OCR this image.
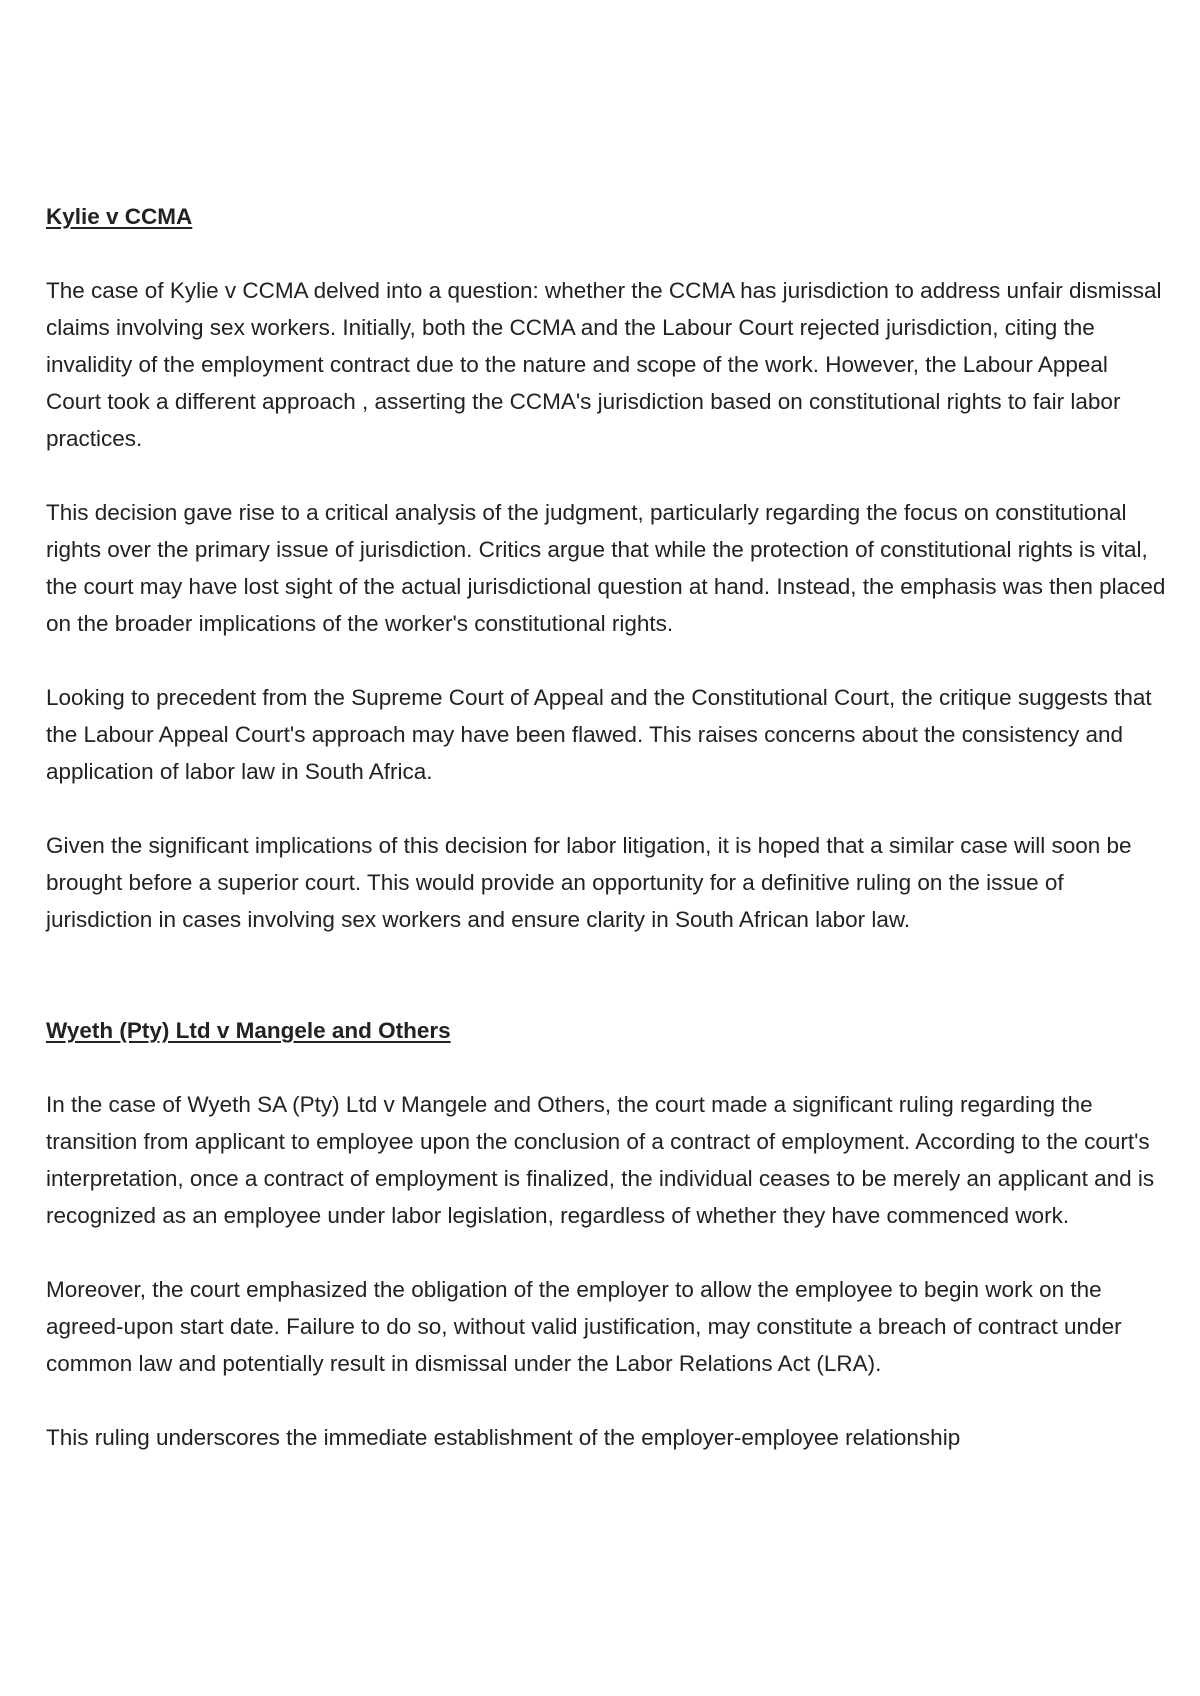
Kylie v CCMA

The case of Kylie v CCMA delved into a question: whether the CCMA has jurisdiction to address unfair dismissal claims involving sex workers. Initially, both the CCMA and the Labour Court rejected jurisdiction, citing the invalidity of the employment contract due to the nature and scope of the work. However, the Labour Appeal Court took a different approach , asserting the CCMA's jurisdiction based on constitutional rights to fair labor practices.

This decision gave rise to a critical analysis of the judgment, particularly regarding the focus on constitutional rights over the primary issue of jurisdiction. Critics argue that while the protection of constitutional rights is vital, the court may have lost sight of the actual jurisdictional question at hand. Instead, the emphasis was then placed on the broader implications of the worker's constitutional rights.

Looking to precedent from the Supreme Court of Appeal and the Constitutional Court, the critique suggests that the Labour Appeal Court's approach may have been flawed. This raises concerns about the consistency and application of labor law in South Africa.

Given the significant implications of this decision for labor litigation, it is hoped that a similar case will soon be brought before a superior court. This would provide an opportunity for a definitive ruling on the issue of jurisdiction in cases involving sex workers and ensure clarity in South African labor law.

Wyeth (Pty) Ltd v Mangele and Others

In the case of Wyeth SA (Pty) Ltd v Mangele and Others, the court made a significant ruling regarding the transition from applicant to employee upon the conclusion of a contract of employment. According to the court's interpretation, once a contract of employment is finalized, the individual ceases to be merely an applicant and is recognized as an employee under labor legislation, regardless of whether they have commenced work.

Moreover, the court emphasized the obligation of the employer to allow the employee to begin work on the agreed-upon start date. Failure to do so, without valid justification, may constitute a breach of contract under common law and potentially result in dismissal under the Labor Relations Act (LRA).

This ruling underscores the immediate establishment of the employer-employee relationship
